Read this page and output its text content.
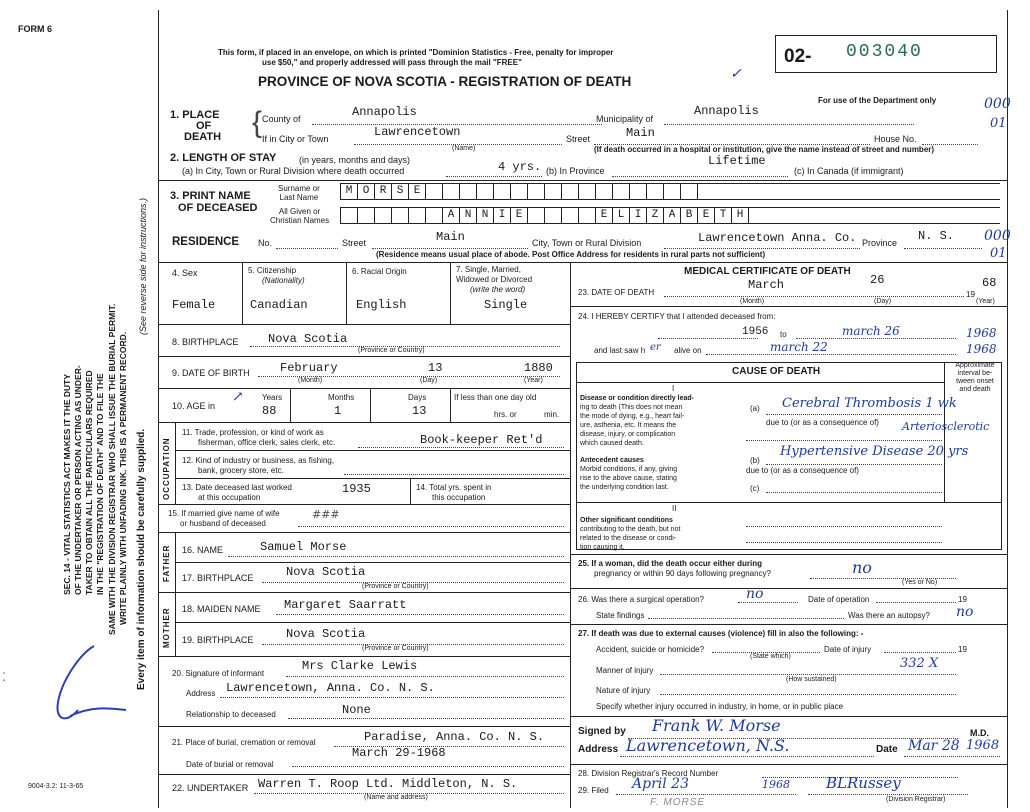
FORM 6
SEC. 14 - VITAL STATISTICS ACT MAKES IT THE DUTY OF THE UNDERTAKER OR PERSON ACTING AS UNDER- TAKER TO OBTAIN ALL THE PARTICULARS REQUIRED IN THE "REGISTRATION OF DEATH" AND TO FILE THE SAME WITH THE DIVISION REGISTRAR WHO SHALL ISSUE THE BURIAL PERMIT. WRITE PLAINLY WITH UNFADING INK. THIS IS A PERMANENT RECORD. Every item of information should be carefully supplied.
(See reverse side for instructions.)
⁚
9004-3.2: 11-3-65
This form, if placed in an envelope, on which is printed "Dominion Statistics - Free, penalty for improper
use $50," and properly addressed will pass through the mail "FREE"
PROVINCE OF NOVA SCOTIA - REGISTRATION OF DEATH	✓
02- 003040
For use of the Department only	000
01
1. PLACE
OF
DEATH { County of	Annapolis	Municipality of
Annapolis
If in City or Town	Lawrencetown	Street	Main	House No.
(Name)	(If death occurred in a hospital or institution, give the name instead of street and number)
2. LENGTH OF STAY	(in years, months and days)
(a) In City, Town or Rural Division where death occurred	4 yrs. (b) In Province
Lifetime
(c) In Canada (if immigrant)
3. PRINT NAME
OF DECEASED
Surname or
Last Name
All Given or
Christian Names
M O R S E
A N N I E	E L I Z A B E T H
RESIDENCE No.	Street	Main	City, Town or Rural Division	Lawrencetown Anna. Co. Province N. S. 000
01
(Residence means usual place of abode. Post Office Address for residents in rural parts not sufficient)
4. Sex
Female
5. Citizenship
(Nationality)
Canadian
6. Racial Origin
English
7. Single, Married,
Widowed or Divorced
(write the word)
Single
8. BIRTHPLACE Nova Scotia
(Province or Country)
9. DATE OF BIRTH	February	13	1880
(Month)	(Day)	(Year)
10. AGE in
Years
↗
88
Months
1
Days
13
If less than one day old
hrs. or	min.
OCCUPATION
11. Trade, profession, or kind of work as
fisherman, office clerk, sales clerk, etc.	Book-keeper Ret'd
12. Kind of industry or business, as fishing,
bank, grocery store, etc.
13. Date deceased last worked
at this occupation
1935	14. Total yrs. spent in
this occupation
15. If married give name of wife
or husband of deceased
###
FATHER 16. NAME	Samuel Morse
17. BIRTHPLACE	Nova Scotia
(Province or Country)
MOTHER 18. MAIDEN NAME Margaret Saarratt
19. BIRTHPLACE	Nova Scotia
(Province or Country)
20. Signature of informant
Mrs Clarke Lewis
Address Lawrencetown, Anna. Co. N. S.
Relationship to deceased	None
21. Place of burial, cremation or removal	Paradise, Anna. Co. N. S.
Date of burial or removal
March 29-1968
22. UNDERTAKER Warren T. Roop Ltd. Middleton, N. S.
(Name and address)
MEDICAL CERTIFICATE OF DEATH
23. DATE OF DEATH
March	26
19
68
(Month)	(Day)	(Year)
24. I HEREBY CERTIFY that I attended deceased from:
1956 to	march 26	1968
and last saw h er alive on	march 22	1968
CAUSE OF DEATH
Approximate
interval be-
tween onset
and death
I
Disease or condition directly lead-
ing to death (This does not mean
the mode of dying, e.g., heart fail-
ure, asthenia, etc. It means the
disease, injury, or complication
which caused death.
(a) Cerebral Thrombosis 1 wk
due to (or as a consequence of) Arteriosclerotic
(b)
Hypertensive Disease 20 yrs
Antecedent causes
Morbid conditions, if any, giving
rise to the above cause, stating
the underlying condition last.
due to (or as a consequence of)
(c)
II
Other significant conditions
contributing to the death, but not
related to the disease or condi-
tion causing it.
25. If a woman, did the death occur either during
pregnancy or within 90 days following pregnancy?	no
(Yes or No)
26. Was there a surgical operation?	no	Date of operation	19
State findings	Was there an autopsy? no
27. If death was due to external causes (violence) fill in also the following: -
Accident, suicide or homicide?	Date of injury	19
(State which)
Manner of injury	332 X
(How sustained)
Nature of injury
Specify whether injury occurred in industry, in home, or in public place
Signed by Frank W. Morse	M.D.
Address Lawrencetown, N.S.	Date Mar 28 1968
28. Division Registrar's Record Number
29. Filed April 23	1968 BLRussey
(Division Registrar)
F. MORSE
